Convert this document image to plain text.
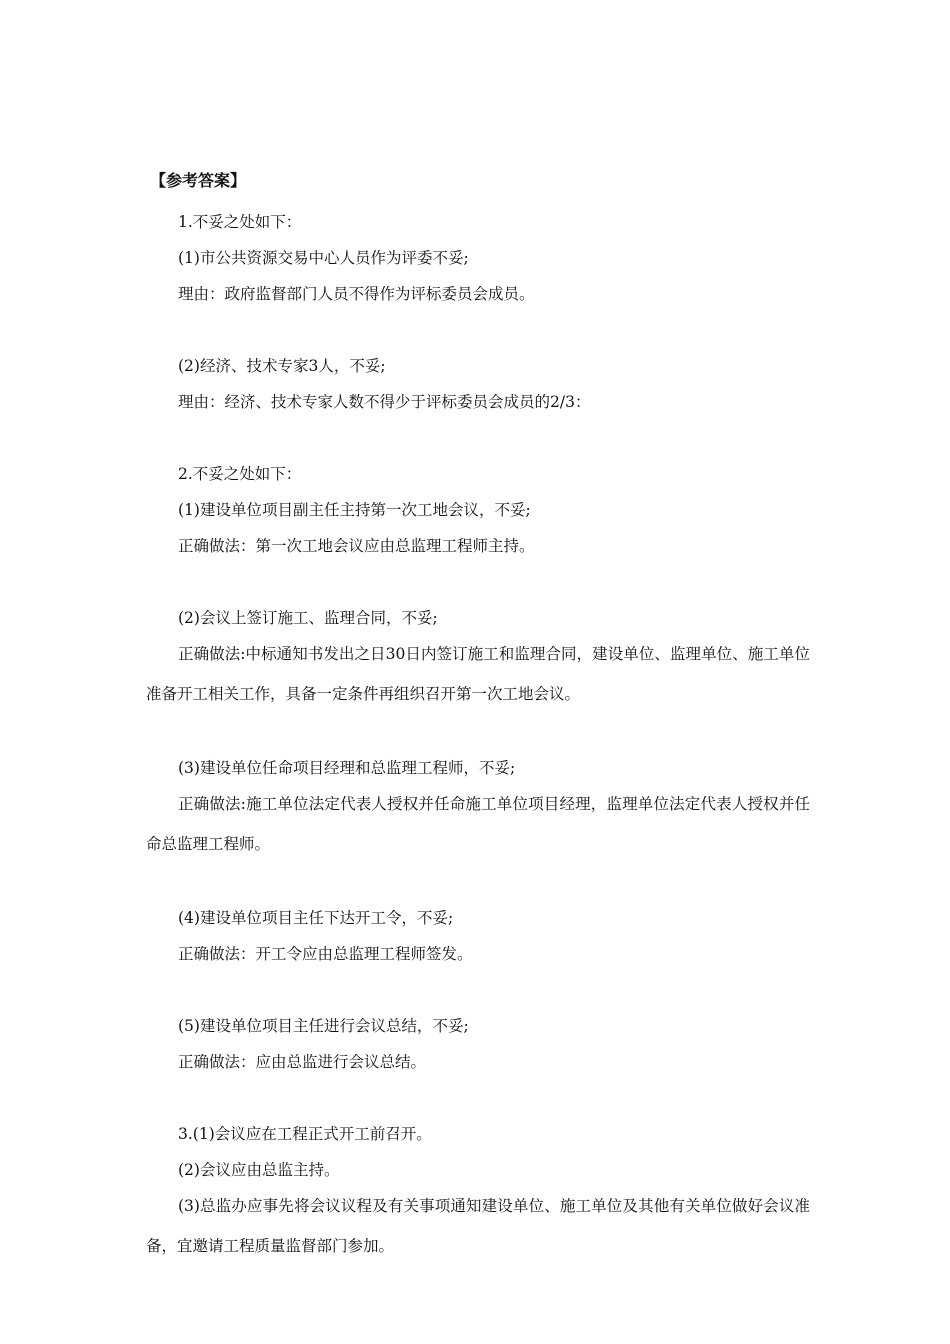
【参考答案】
1.不妥之处如下：
(1)市公共资源交易中心人员作为评委不妥;
理由：政府监督部门人员不得作为评标委员会成员。
(2)经济、技术专家3人，不妥;
理由：经济、技术专家人数不得少于评标委员会成员的2/3：
2.不妥之处如下：
(1)建设单位项目副主任主持第一次工地会议，不妥;
正确做法：第一次工地会议应由总监理工程师主持。
(2)会议上签订施工、监理合同，不妥;

正确做法:中标通知书发出之日30日内签订施工和监理合同，建设单位、监理单位、施工单位准备开工相关工作，具备一定条件再组织召开第一次工地会议。

(3)建设单位任命项目经理和总监理工程师，不妥;

正确做法:施工单位法定代表人授权并任命施工单位项目经理，监理单位法定代表人授权并任命总监理工程师。

(4)建设单位项目主任下达开工令，不妥;
正确做法：开工令应由总监理工程师签发。
(5)建设单位项目主任进行会议总结，不妥;
正确做法：应由总监进行会议总结。
3.(1)会议应在工程正式开工前召开。
(2)会议应由总监主持。

(3)总监办应事先将会议议程及有关事项通知建设单位、施工单位及其他有关单位做好会议准备，宜邀请工程质量监督部门参加。
